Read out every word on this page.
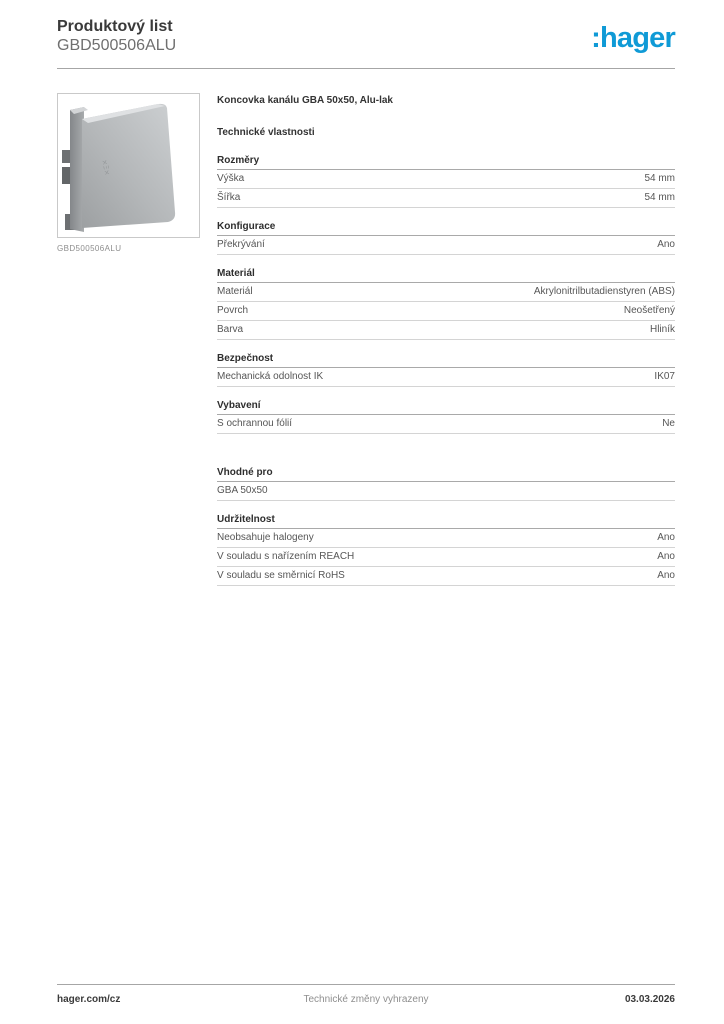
Produktový list
GBD500506ALU	:hager
×Ξ×
GBD500506ALU
Koncovka kanálu GBA 50x50, Alu-lak
Technické vlastnosti
Rozměry
Výška	54 mm
Šířka	54 mm
Konfigurace
Překrývání	Ano
Materiál
Materiál	Akrylonitrilbutadienstyren (ABS)
Povrch	Neošetřený
Barva	Hliník
Bezpečnost
Mechanická odolnost IK	IK07
Vybavení
S ochrannou fólií	Ne
Vhodné pro
GBA 50x50
Udržitelnost
Neobsahuje halogeny	Ano
V souladu s nařízením REACH	Ano
V souladu se směrnicí RoHS	Ano
hager.com/cz	Technické změny vyhrazeny	03.03.2026
